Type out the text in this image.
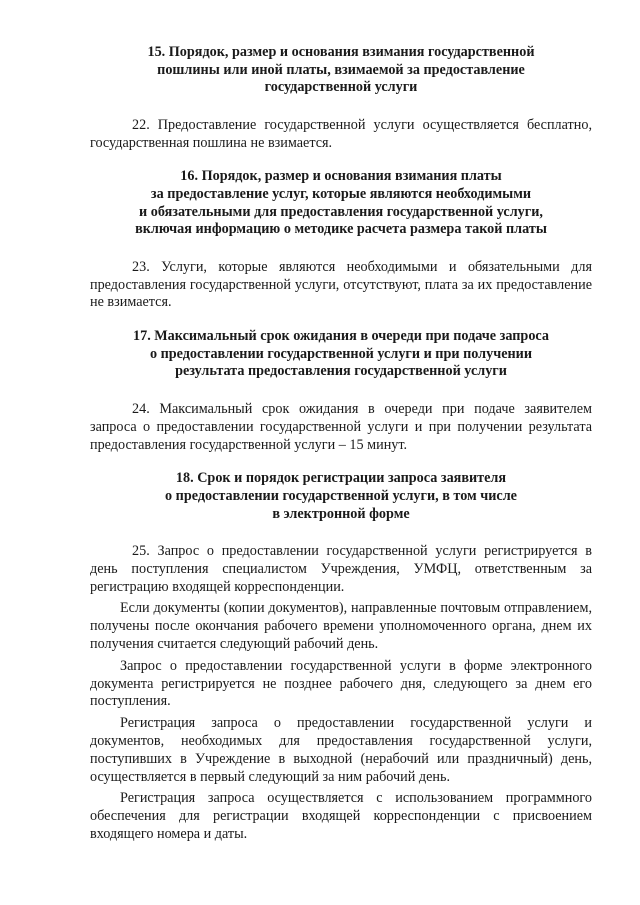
15. Порядок, размер и основания взимания государственной
пошлины или иной платы, взимаемой за предоставление
государственной услуги

22. Предоставление государственной услуги осуществляется бесплатно, государственная пошлина не взимается.

16. Порядок, размер и основания взимания платы
за предоставление услуг, которые являются необходимыми
и обязательными для предоставления государственной услуги,
включая информацию о методике расчета размера такой платы

23. Услуги, которые являются необходимыми и обязательными для предоставления государственной услуги, отсутствуют, плата за их предоставление не взимается.

17. Максимальный срок ожидания в очереди при подаче запроса
о предоставлении государственной услуги и при получении
результата предоставления государственной услуги

24. Максимальный срок ожидания в очереди при подаче заявителем запроса о предоставлении государственной услуги и при получении результата предоставления государственной услуги – 15 минут.

18. Срок и порядок регистрации запроса заявителя
о предоставлении государственной услуги, в том числе
в электронной форме

25. Запрос о предоставлении государственной услуги регистрируется в день поступления специалистом Учреждения, УМФЦ, ответственным за регистрацию входящей корреспонденции.

Если документы (копии документов), направленные почтовым отправлением, получены после окончания рабочего времени уполномоченного органа, днем их получения считается следующий рабочий день.

Запрос о предоставлении государственной услуги в форме электронного документа регистрируется не позднее рабочего дня, следующего за днем его поступления.

Регистрация запроса о предоставлении государственной услуги и документов, необходимых для предоставления государственной услуги, поступивших в Учреждение в выходной (нерабочий или праздничный) день, осуществляется в первый следующий за ним рабочий день.

Регистрация запроса осуществляется с использованием программного обеспечения для регистрации входящей корреспонденции с присвоением входящего номера и даты.
